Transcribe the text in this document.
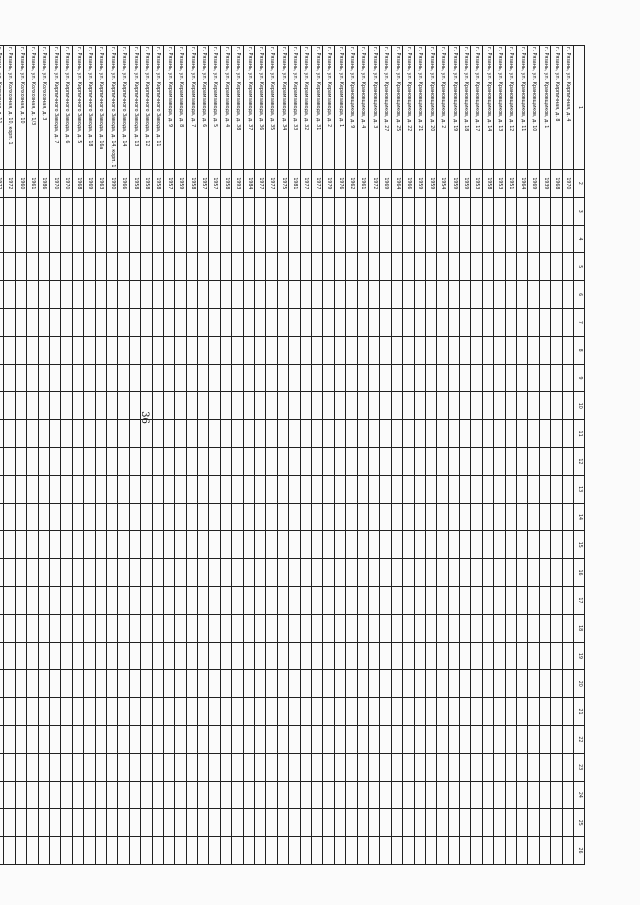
36
1	2	3	4	5	6	7	8	9	10	11	12	13	14	15	16	17	18	19	20	21	22	23	24	25	26
г. Рязань, ул. Кирпичная, д. 4	1970																								
г. Рязань, ул. Кирпичная, д. 8	1968																								
г. Рязань, ул. Крановщиков, д. 1	1939																								
г. Рязань, ул. Крановщиков, д. 10	1969																								
г. Рязань, ул. Крановщиков, д. 11	1964																								
г. Рязань, ул. Крановщиков, д. 12	1951																								
г. Рязань, ул. Крановщиков, д. 13	1953																								
г. Рязань, ул. Крановщиков, д. 14	1958																								
г. Рязань, ул. Крановщиков, д. 17	1953																								
г. Рязань, ул. Крановщиков, д. 18	1959																								
г. Рязань, ул. Крановщиков, д. 19	1959																								
г. Рязань, ул. Крановщиков, д. 2	1954																								
г. Рязань, ул. Крановщиков, д. 20	1959																								
г. Рязань, ул. Крановщиков, д. 21	1959																								
г. Рязань, ул. Крановщиков, д. 22	1966																								
г. Рязань, ул. Крановщиков, д. 25	1964																								
г. Рязань, ул. Крановщиков, д. 27	1969																								
г. Рязань, ул. Крановщиков, д. 3	1972																								
г. Рязань, ул. Крановщиков, д. 4	1961																								
г. Рязань, ул. Крановщиков, д. 9	1962																								
г. Рязань, ул. Керамзавода, д. 1	1976																								
г. Рязань, ул. Керамзавода, д. 2	1979																								
г. Рязань, ул. Керамзавода, д. 31	1977																								
г. Рязань, ул. Керамзавода, д. 32	1977																								
г. Рязань, ул. Керамзавода, д. 33	1981																								
г. Рязань, ул. Керамзавода, д. 34	1975																								
г. Рязань, ул. Керамзавода, д. 35	1977																								
г. Рязань, ул. Керамзавода, д. 36	1977																								
г. Рязань, ул. Керамзавода, д. 37	1984																								
г. Рязань, ул. Керамзавода, д. 38	1993																								
г. Рязань, ул. Керамзавода, д. 4	1958																								
г. Рязань, ул. Керамзавода, д. 5	1957																								
г. Рязань, ул. Керамзавода, д. 6	1957																								
г. Рязань, ул. Керамзавода, д. 7	1958																								
г. Рязань, ул. Керамзавода, д. 8	1959																								
г. Рязань, ул. Керамзавода, д. 9	1957																								
г. Рязань, ул. Кирпичного Завода, д. 11	1958																								
г. Рязань, ул. Кирпичного Завода, д. 12	1958																								
г. Рязань, ул. Кирпичного Завода, д. 13	1958																								
г. Рязань, ул. Кирпичного Завода, д. 14	1966																								
г. Рязань, ул. Кирпичного Завода, д. 14, корп. 1	1990																								
г. Рязань, ул. Кирпичного Завода, д. 16а	1963																								
г. Рязань, ул. Кирпичного Завода, д. 18	1969																								
г. Рязань, ул. Кирпичного Завода, д. 5	1968																								
г. Рязань, ул. Кирпичного Завода, д. 6	1970																								
г. Рязань, ул. Кирпичного Завода, д. 7	1970																								
г. Рязань, ул. Колхозная, д. 3	1986																								
г. Рязань, ул. Колхозная, д. 1/3	1961																								
г. Рязань, ул. Колхозная, д. 10	1960																								
г. Рязань, ул. Колхозная, д. 10, корп. 1	1972																								
